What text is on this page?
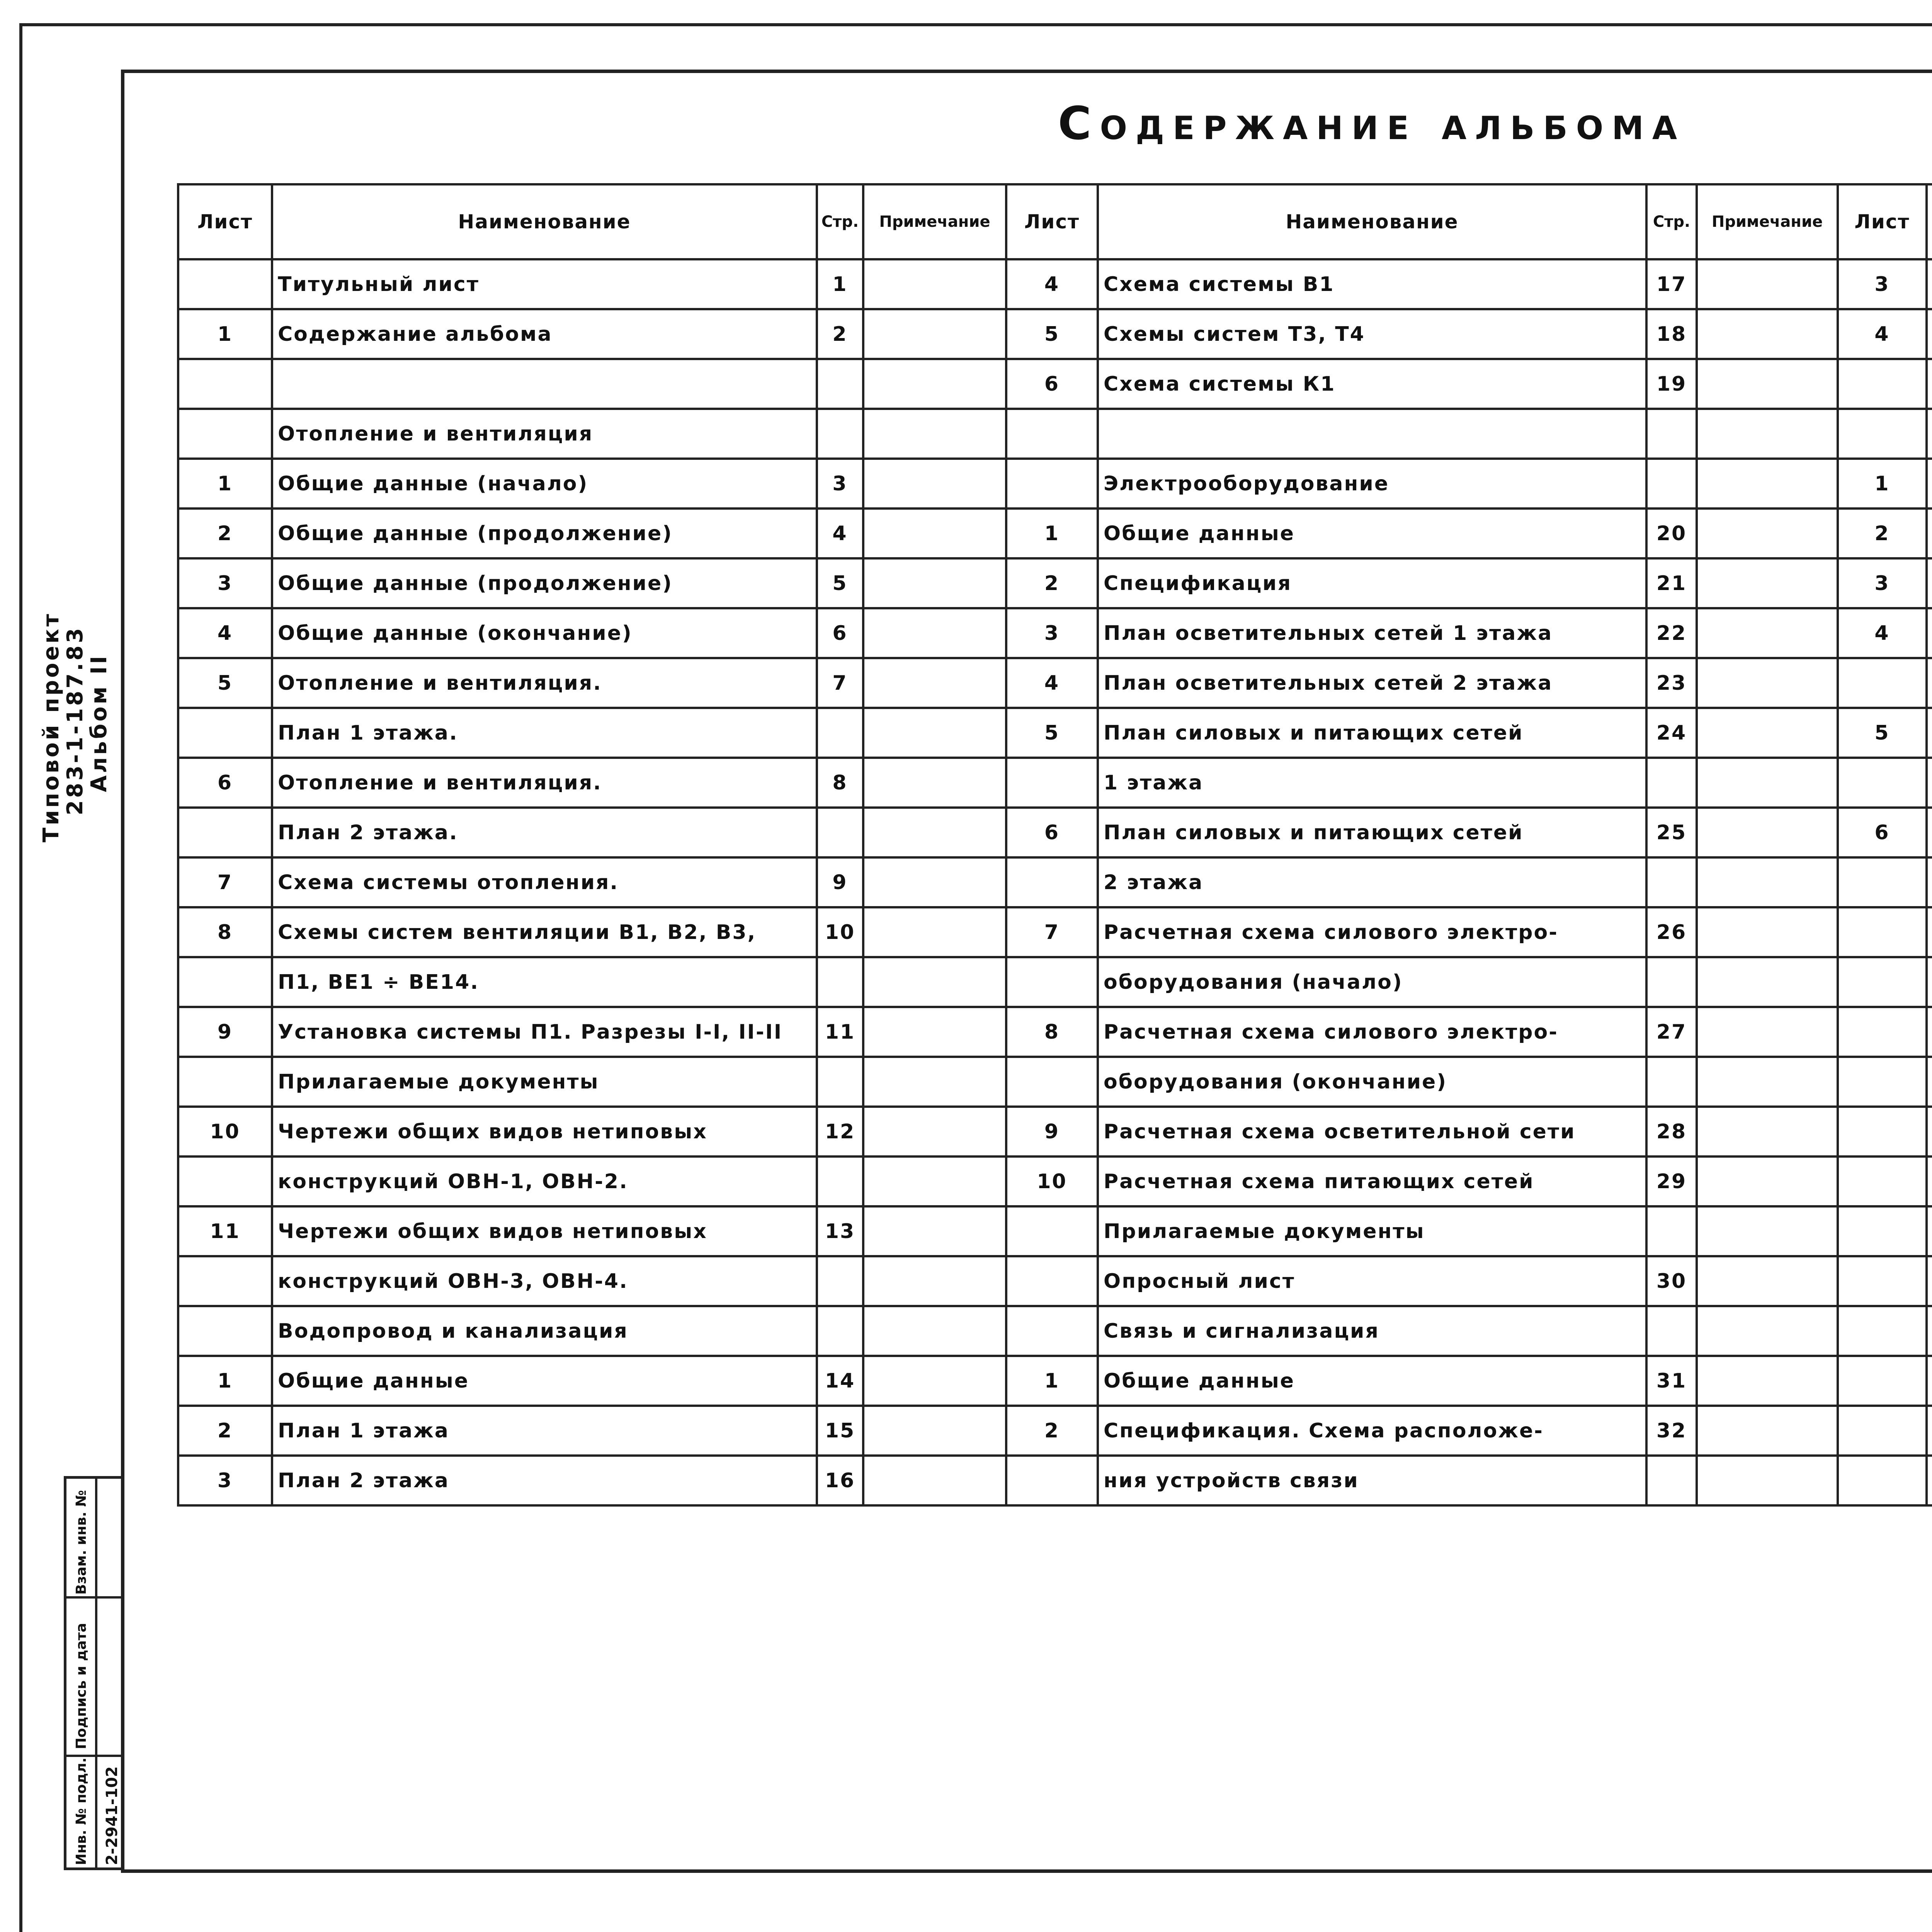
Содержание альбома
Лист	Наименование	Стр.	Примечание	Лист	Наименование	Стр.	Примечание	Лист			
	Титульный лист	1		4	Схема системы В1	17		3			
1	Содержание альбома	2		5	Схемы систем Т3, Т4	18		4			
				6	Схема системы К1	19					
	Отопление и вентиляция										
1	Общие данные (начало)	3			Электрооборудование			1			
2	Общие данные (продолжение)	4		1	Общие данные	20		2			
3	Общие данные (продолжение)	5		2	Спецификация	21		3			
4	Общие данные (окончание)	6		3	План осветительных сетей 1 этажа	22		4			
5	Отопление и вентиляция.	7		4	План осветительных сетей 2 этажа	23					
	План 1 этажа.			5	План силовых и питающих сетей	24		5			
6	Отопление и вентиляция.	8			1 этажа						
	План 2 этажа.			6	План силовых и питающих сетей	25		6			
7	Схема системы отопления.	9			2 этажа						
8	Схемы систем вентиляции В1, В2, В3,	10		7	Расчетная схема силового электро-	26					
	П1, ВЕ1 ÷ ВЕ14.				оборудования (начало)						
9	Установка системы П1. Разрезы I-I, II-II	11		8	Расчетная схема силового электро-	27					
	Прилагаемые документы				оборудования (окончание)						
10	Чертежи общих видов нетиповых	12		9	Расчетная схема осветительной сети	28					
	конструкций ОВН-1, ОВН-2.			10	Расчетная схема питающих сетей	29					
11	Чертежи общих видов нетиповых	13			Прилагаемые документы						
	конструкций ОВН-3, ОВН-4.				Опросный лист	30					
	Водопровод и канализация				Связь и сигнализация						
1	Общие данные	14		1	Общие данные	31					
2	План 1 этажа	15		2	Спецификация. Схема расположе-	32					
3	План 2 этажа	16			ния устройств связи						
Типовой проект
283-1-187.83
Альбом II
Взам. инв. №
Подпись и дата
Инв. № подл. 2-2941-102
